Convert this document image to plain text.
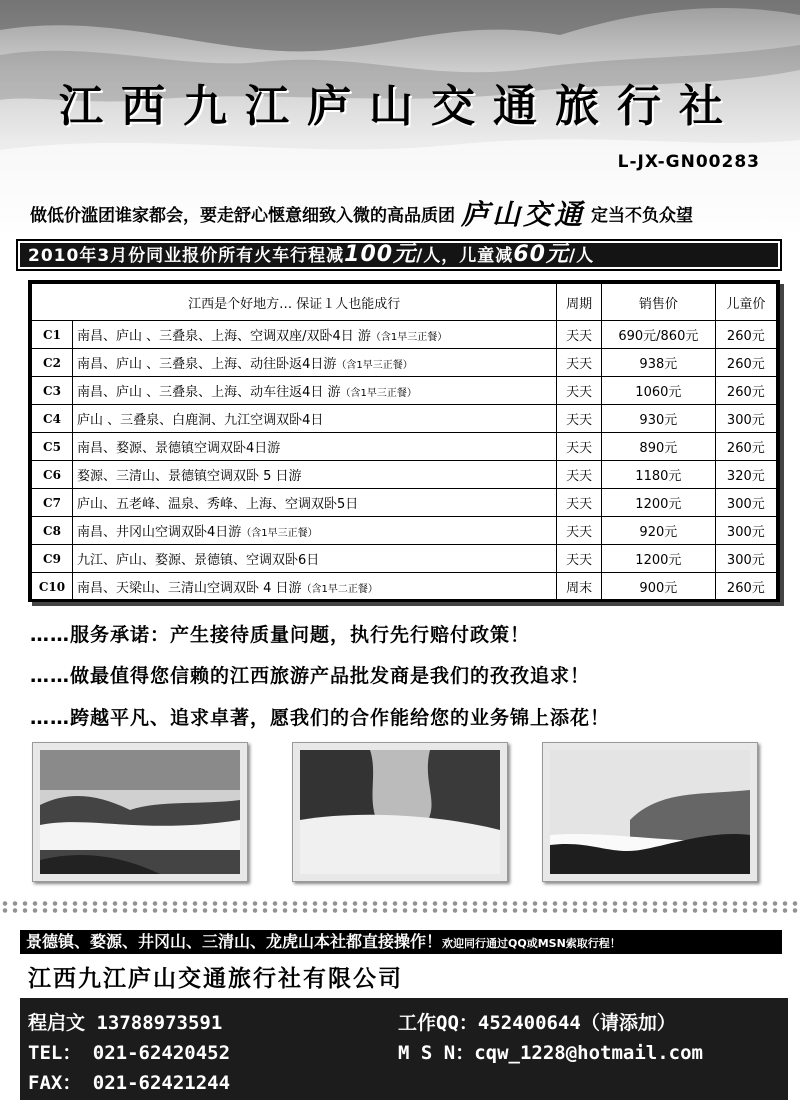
江西九江庐山交通旅行社
L-JX-GN00283
做低价滥团谁家都会，要走舒心惬意细致入微的高品质团 庐山交通 定当不负众望
2010年3月份同业报价所有火车行程减100元/人，儿童减60元/人
江西是个好地方… 保证１人也能成行		周期	销售价	儿童价
C1	南昌、庐山 、三叠泉、上海、空调双座/双卧4日 游（含1早三正餐）	天天	690元/860元	260元
C2	南昌、庐山 、三叠泉、上海、动往卧返4日游（含1早三正餐）	天天	938元	260元
C3	南昌、庐山 、三叠泉、上海、动车往返4日 游（含1早三正餐）	天天	1060元	260元
C4	庐山 、三叠泉、白鹿洞、九江空调双卧4日	天天	930元	300元
C5	南昌、婺源、景德镇空调双卧4日游	天天	890元	260元
C6	婺源、三清山、景德镇空调双卧 5 日游	天天	1180元	320元
C7	庐山、五老峰、温泉、秀峰、上海、空调双卧5日	天天	1200元	300元
C8	南昌、井冈山空调双卧4日游（含1早三正餐）	天天	920元	300元
C9	九江、庐山、婺源、景德镇、空调双卧6日	天天	1200元	300元
C10	南昌、天梁山、三清山空调双卧 4 日游（含1早二正餐）	周末	900元	260元
……服务承诺：产生接待质量问题，执行先行赔付政策！
……做最值得您信赖的江西旅游产品批发商是我们的孜孜追求！
……跨越平凡、追求卓著，愿我们的合作能给您的业务锦上添花！
景德镇、婺源、井冈山、三清山、龙虎山本社都直接操作！欢迎同行通过QQ或MSN索取行程！
江西九江庐山交通旅行社有限公司
程启文 13788973591
TEL： 021-62420452
FAX： 021-62421244
工作QQ：452400644（请添加）
M S N：cqw_1228@hotmail.com
